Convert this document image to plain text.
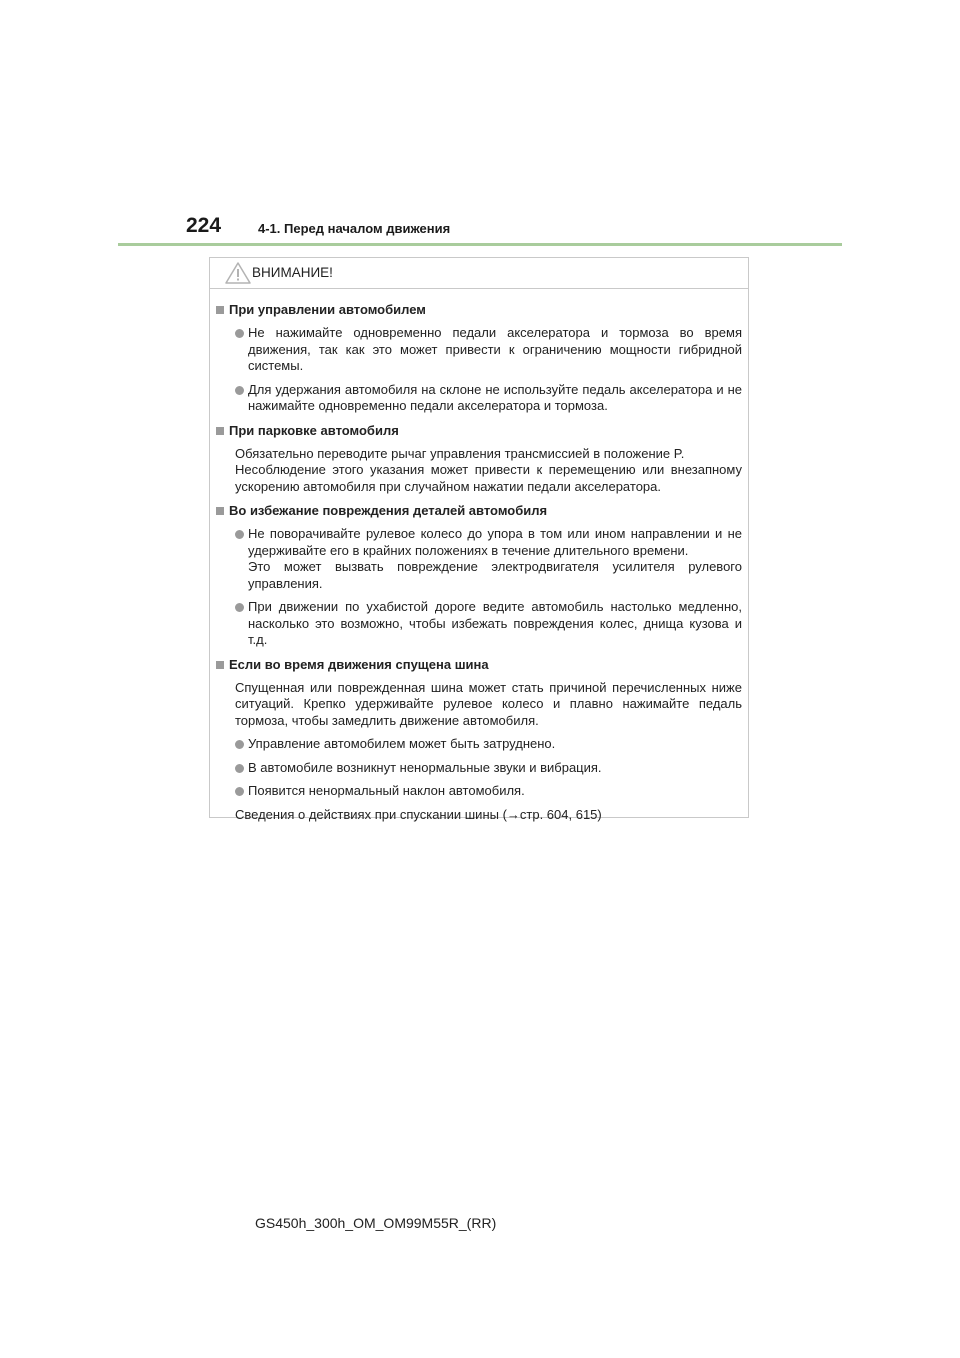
224	4-1. Перед началом движения
ВНИМАНИЕ!
При управлении автомобилем
Не нажимайте одновременно педали акселератора и тормоза во время движения, так как это может привести к ограничению мощности гибридной системы.
Для удержания автомобиля на склоне не используйте педаль акселератора и не нажимайте одновременно педали акселератора и тормоза.
При парковке автомобиля
Обязательно переводите рычаг управления трансмиссией в положение P.
Несоблюдение этого указания может привести к перемещению или внезапному ускорению автомобиля при случайном нажатии педали акселератора.
Во избежание повреждения деталей автомобиля
Не поворачивайте рулевое колесо до упора в том или ином направлении и не удерживайте его в крайних положениях в течение длительного времени.
Это может вызвать повреждение электродвигателя усилителя рулевого управления.
При движении по ухабистой дороге ведите автомобиль настолько медленно, насколько это возможно, чтобы избежать повреждения колес, днища кузова и т.д.
Если во время движения спущена шина
Спущенная или поврежденная шина может стать причиной перечисленных ниже ситуаций. Крепко удерживайте рулевое колесо и плавно нажимайте педаль тормоза, чтобы замедлить движение автомобиля.
Управление автомобилем может быть затруднено.
В автомобиле возникнут ненормальные звуки и вибрация.
Появится ненормальный наклон автомобиля.
Сведения о действиях при спускании шины (→стр. 604, 615)
GS450h_300h_OM_OM99M55R_(RR)
